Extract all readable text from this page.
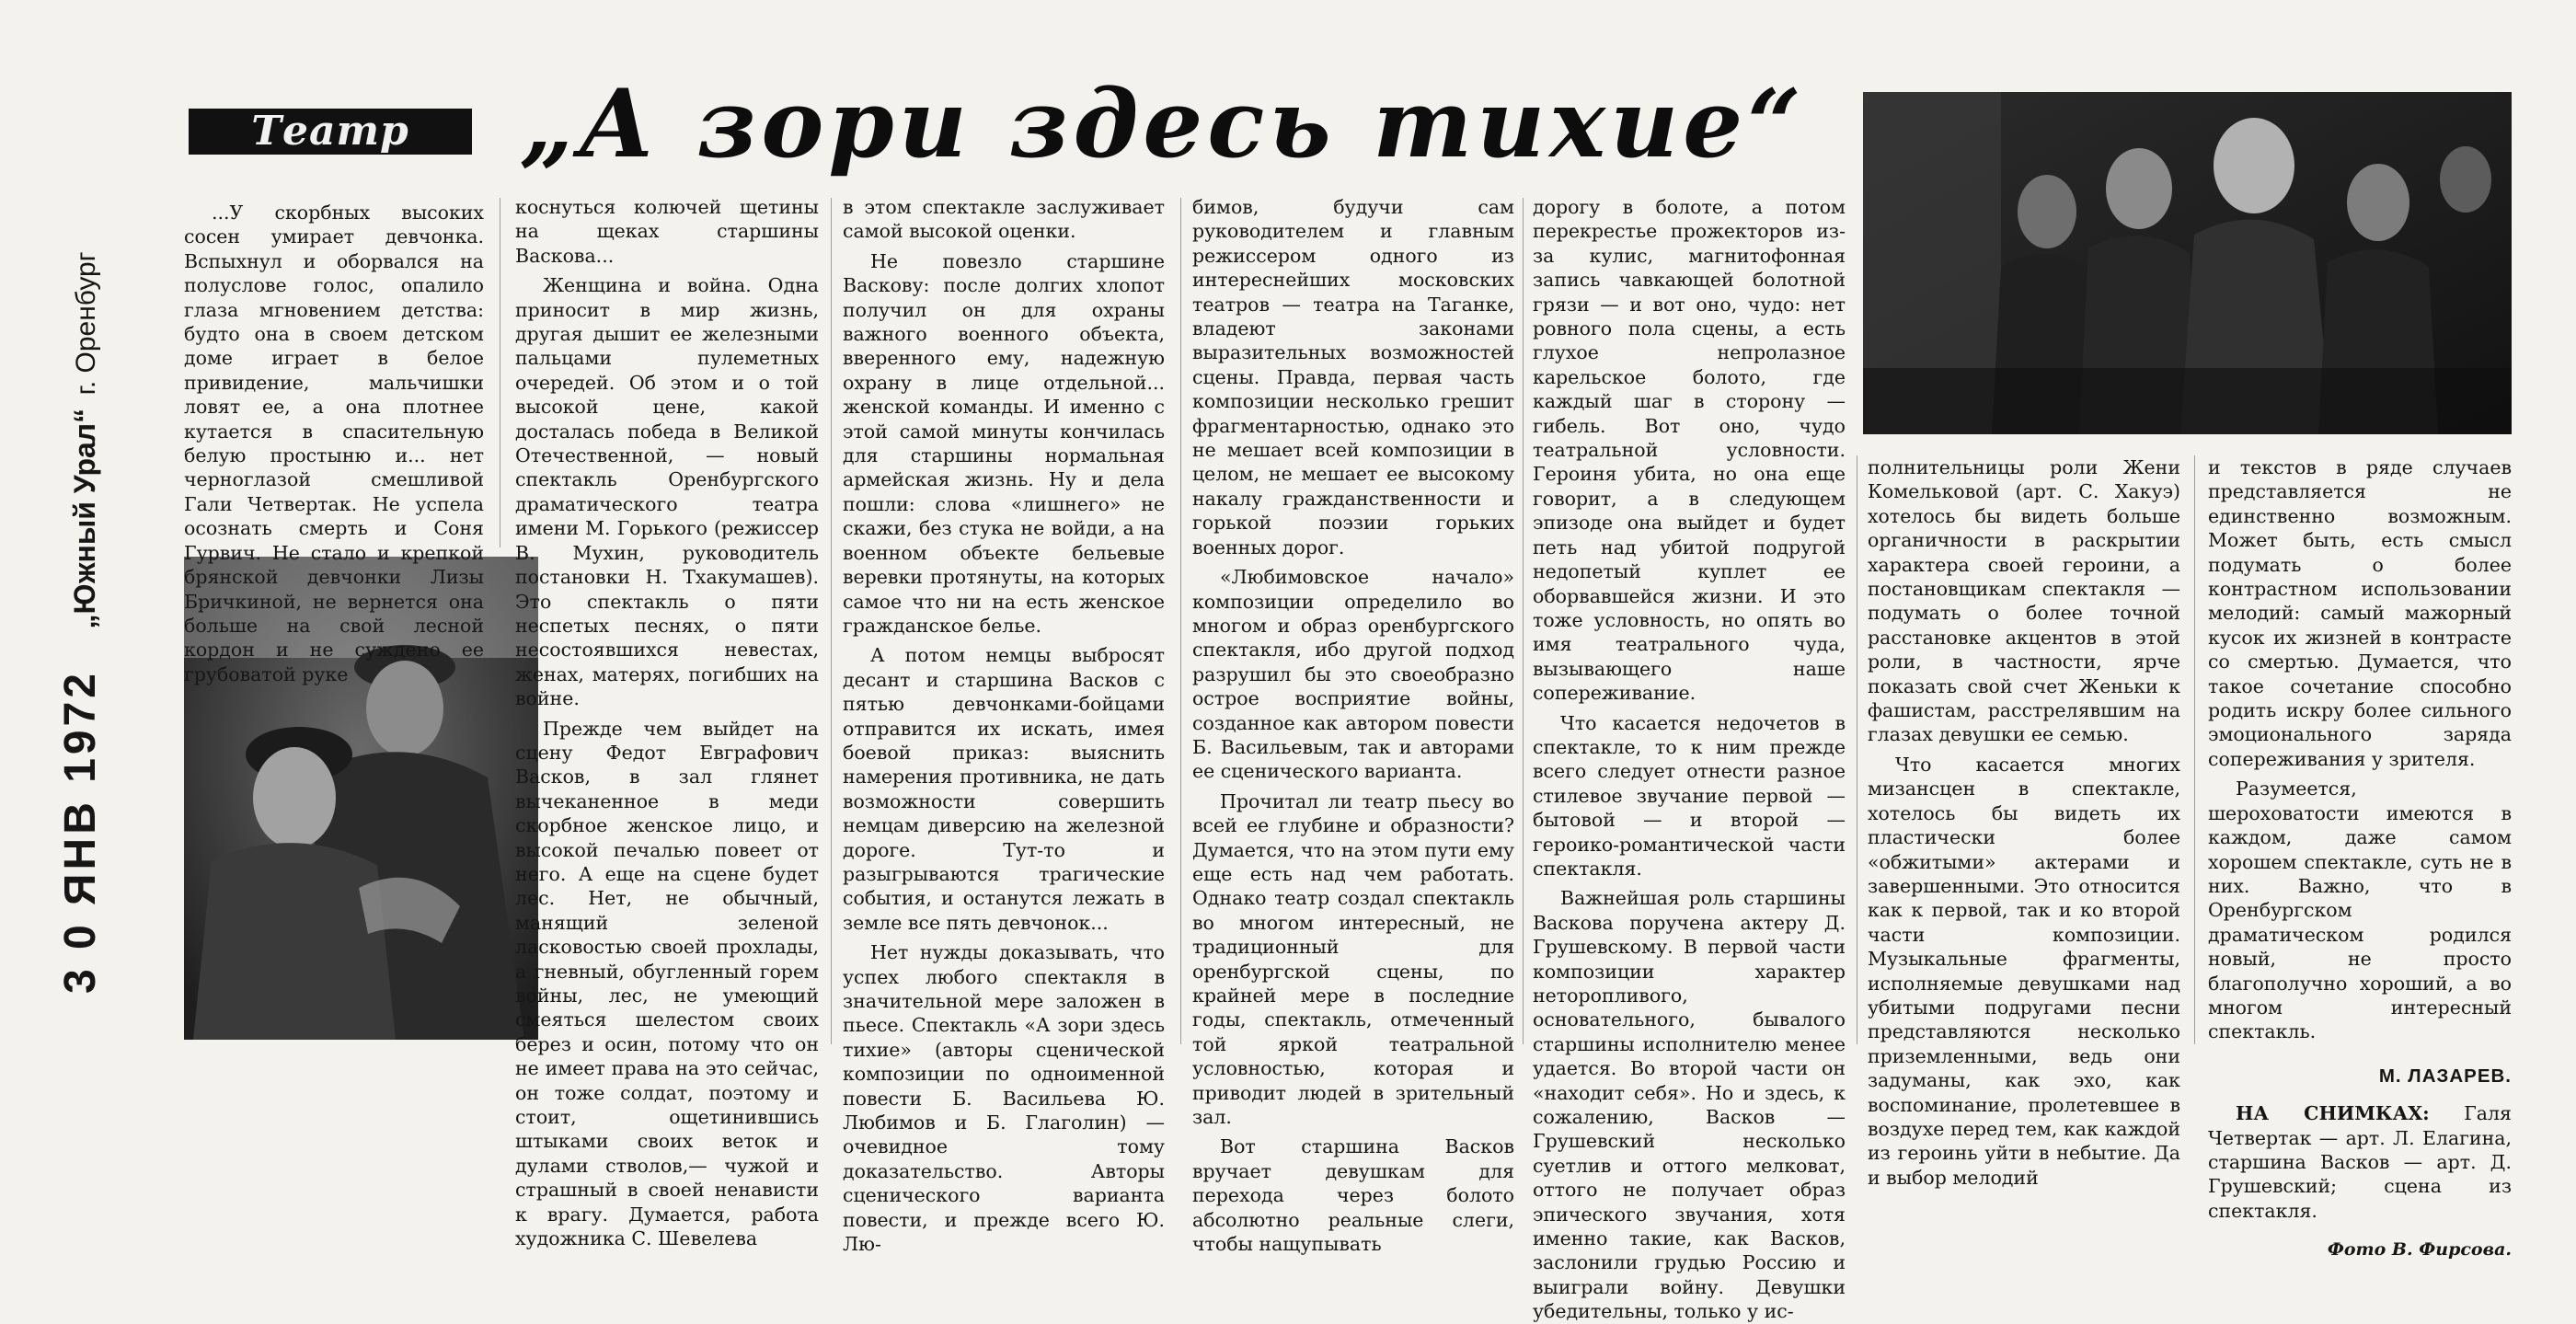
Театр	„А зори здесь тихие“
3 0 ЯНВ 1972 „Южный Урал“ г. Оренбург

...У скорбных высоких сосен умирает девчонка. Вспыхнул и оборвался на полуслове голос, опалило глаза мгновением детства: будто она в своем детском доме играет в белое привидение, мальчишки ловят ее, а она плотнее кутается в спасительную белую простыню и... нет черноглазой смешливой Гали Четвертак. Не успела осознать смерть и Соня Гурвич. Не стало и крепкой брянской девчонки Лизы Бричкиной, не вернется она больше на свой лесной кордон и не суждено ее грубоватой руке

коснуться колючей щетины на щеках старшины Васкова...

Женщина и война. Одна приносит в мир жизнь, другая дышит ее железными пальцами пулеметных очередей. Об этом и о той высокой цене, какой досталась победа в Великой Отечественной, — новый спектакль Оренбургского драматического театра имени М. Горького (режиссер В. Мухин, руководитель постановки Н. Тхакумашев). Это спектакль о пяти неспетых песнях, о пяти несостоявшихся невестах, женах, матерях, погибших на войне.

Прежде чем выйдет на сцену Федот Евграфович Васков, в зал глянет вычеканенное в меди скорбное женское лицо, и высокой печалью повеет от него. А еще на сцене будет лес. Нет, не обычный, манящий зеленой ласковостью своей прохлады, а гневный, обугленный горем войны, лес, не умеющий смеяться шелестом своих берез и осин, потому что он не имеет права на это сейчас, он тоже солдат, поэтому и стоит, ощетинившись штыками своих веток и дулами стволов,— чужой и страшный в своей ненависти к врагу. Думается, работа художника С. Шевелева

в этом спектакле заслуживает самой высокой оценки.

Не повезло старшине Васкову: после долгих хлопот получил он для охраны важного военного объекта, вверенного ему, надежную охрану в лице отдельной... женской команды. И именно с этой самой минуты кончилась для старшины нормальная армейская жизнь. Ну и дела пошли: слова «лишнего» не скажи, без стука не войди, а на военном объекте бельевые веревки протянуты, на которых самое что ни на есть женское гражданское белье.

А потом немцы выбросят десант и старшина Васков с пятью девчонками-бойцами отправится их искать, имея боевой приказ: выяснить намерения противника, не дать возможности совершить немцам диверсию на железной дороге. Тут-то и разыгрываются трагические события, и останутся лежать в земле все пять девчонок...

Нет нужды доказывать, что успех любого спектакля в значительной мере заложен в пьесе. Спектакль «А зори здесь тихие» (авторы сценической композиции по одноименной повести Б. Васильева Ю. Любимов и Б. Глаголин) — очевидное тому доказательство. Авторы сценического варианта повести, и прежде всего Ю. Лю-

бимов, будучи сам руководителем и главным режиссером одного из интереснейших московских театров — театра на Таганке, владеют законами выразительных возможностей сцены. Правда, первая часть композиции несколько грешит фрагментарностью, однако это не мешает всей композиции в целом, не мешает ее высокому накалу гражданственности и горькой поэзии горьких военных дорог.

«Любимовское начало» композиции определило во многом и образ оренбургского спектакля, ибо другой подход разрушил бы это своеобразно острое восприятие войны, созданное как автором повести Б. Васильевым, так и авторами ее сценического варианта.

Прочитал ли театр пьесу во всей ее глубине и образности? Думается, что на этом пути ему еще есть над чем работать. Однако театр создал спектакль во многом интересный, не традиционный для оренбургской сцены, по крайней мере в последние годы, спектакль, отмеченный той яркой театральной условностью, которая и приводит людей в зрительный зал.

Вот старшина Васков вручает девушкам для перехода через болото абсолютно реальные слеги, чтобы нащупывать

дорогу в болоте, а потом перекрестье прожекторов из-за кулис, магнитофонная запись чавкающей болотной грязи — и вот оно, чудо: нет ровного пола сцены, а есть глухое непролазное карельское болото, где каждый шаг в сторону — гибель. Вот оно, чудо театральной условности. Героиня убита, но она еще говорит, а в следующем эпизоде она выйдет и будет петь над убитой подругой недопетый куплет ее оборвавшейся жизни. И это тоже условность, но опять во имя театрального чуда, вызывающего наше сопереживание.

Что касается недочетов в спектакле, то к ним прежде всего следует отнести разное стилевое звучание первой — бытовой — и второй — героико-романтической части спектакля.

Важнейшая роль старшины Васкова поручена актеру Д. Грушевскому. В первой части композиции характер неторопливого, основательного, бывалого старшины исполнителю менее удается. Во второй части он «находит себя». Но и здесь, к сожалению, Васков — Грушевский несколько суетлив и оттого мелковат, оттого не получает образ эпического звучания, хотя именно такие, как Васков, заслонили грудью Россию и выиграли войну. Девушки убедительны, только у ис-

полнительницы роли Жени Комельковой (арт. С. Хакуэ) хотелось бы видеть больше органичности в раскрытии характера своей героини, а постановщикам спектакля — подумать о более точной расстановке акцентов в этой роли, в частности, ярче показать свой счет Женьки к фашистам, расстрелявшим на глазах девушки ее семью.

Что касается многих мизансцен в спектакле, хотелось бы видеть их пластически более «обжитыми» актерами и завершенными. Это относится как к первой, так и ко второй части композиции. Музыкальные фрагменты, исполняемые девушками над убитыми подругами песни представляются несколько приземленными, ведь они задуманы, как эхо, как воспоминание, пролетевшее в воздухе перед тем, как каждой из героинь уйти в небытие. Да и выбор мелодий

и текстов в ряде случаев представляется не единственно возможным. Может быть, есть смысл подумать о более контрастном использовании мелодий: самый мажорный кусок их жизней в контрасте со смертью. Думается, что такое сочетание способно родить искру более сильного эмоционального заряда сопереживания у зрителя.

Разумеется, шероховатости имеются в каждом, даже самом хорошем спектакле, суть не в них. Важно, что в Оренбургском драматическом родился новый, не просто благополучно хороший, а во многом интересный спектакль.

М. ЛАЗАРЕВ.

НА СНИМКАХ: Галя Четвертак — арт. Л. Елагина, старшина Васков — арт. Д. Грушевский; сцена из спектакля.

Фото В. Фирсова.
